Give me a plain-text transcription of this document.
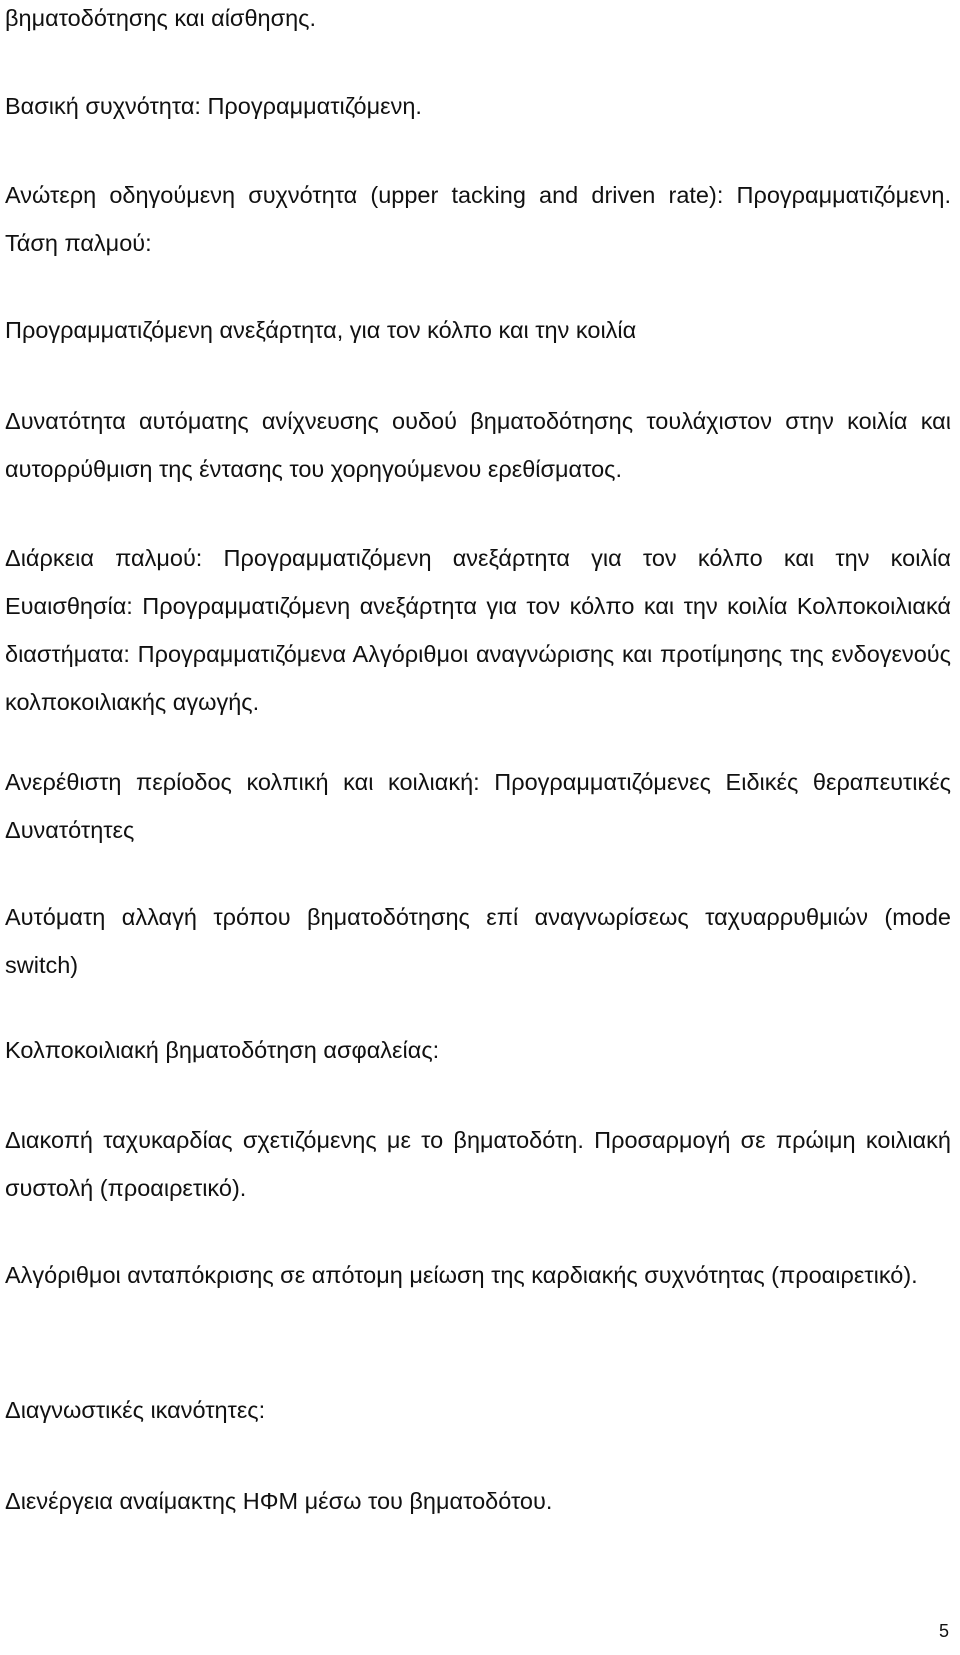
βηματοδότησης και αίσθησης.

Βασική συχνότητα: Προγραμματιζόμενη.

Ανώτερη οδηγούμενη συχνότητα (upper tacking and driven rate): Προγραμματιζόμενη. Τάση παλμού:

Προγραμματιζόμενη ανεξάρτητα, για τον κόλπο και την κοιλία

Δυνατότητα αυτόματης ανίχνευσης ουδού βηματοδότησης τουλάχιστον στην κοιλία και αυτορρύθμιση της έντασης του χορηγούμενου ερεθίσματος.

Διάρκεια παλμού: Προγραμματιζόμενη ανεξάρτητα για τον κόλπο και την κοιλία Ευαισθησία: Προγραμματιζόμενη ανεξάρτητα για τον κόλπο και την κοιλία Κολποκοιλιακά διαστήματα: Προγραμματιζόμενα Αλγόριθμοι αναγνώρισης και προτίμησης της ενδογενούς κολποκοιλιακής αγωγής.

Ανερέθιστη περίοδος κολπική και κοιλιακή: Προγραμματιζόμενες Ειδικές θεραπευτικές Δυνατότητες

Αυτόματη αλλαγή τρόπου βηματοδότησης επί αναγνωρίσεως ταχυαρρυθμιών (mode switch)

Κολποκοιλιακή βηματοδότηση ασφαλείας:

Διακοπή ταχυκαρδίας σχετιζόμενης με το βηματοδότη. Προσαρμογή σε πρώιμη κοιλιακή συστολή (προαιρετικό).

Αλγόριθμοι ανταπόκρισης σε απότομη μείωση της καρδιακής συχνότητας (προαιρετικό).

Διαγνωστικές ικανότητες:

Διενέργεια αναίμακτης ΗΦΜ μέσω του βηματοδότου.

5
